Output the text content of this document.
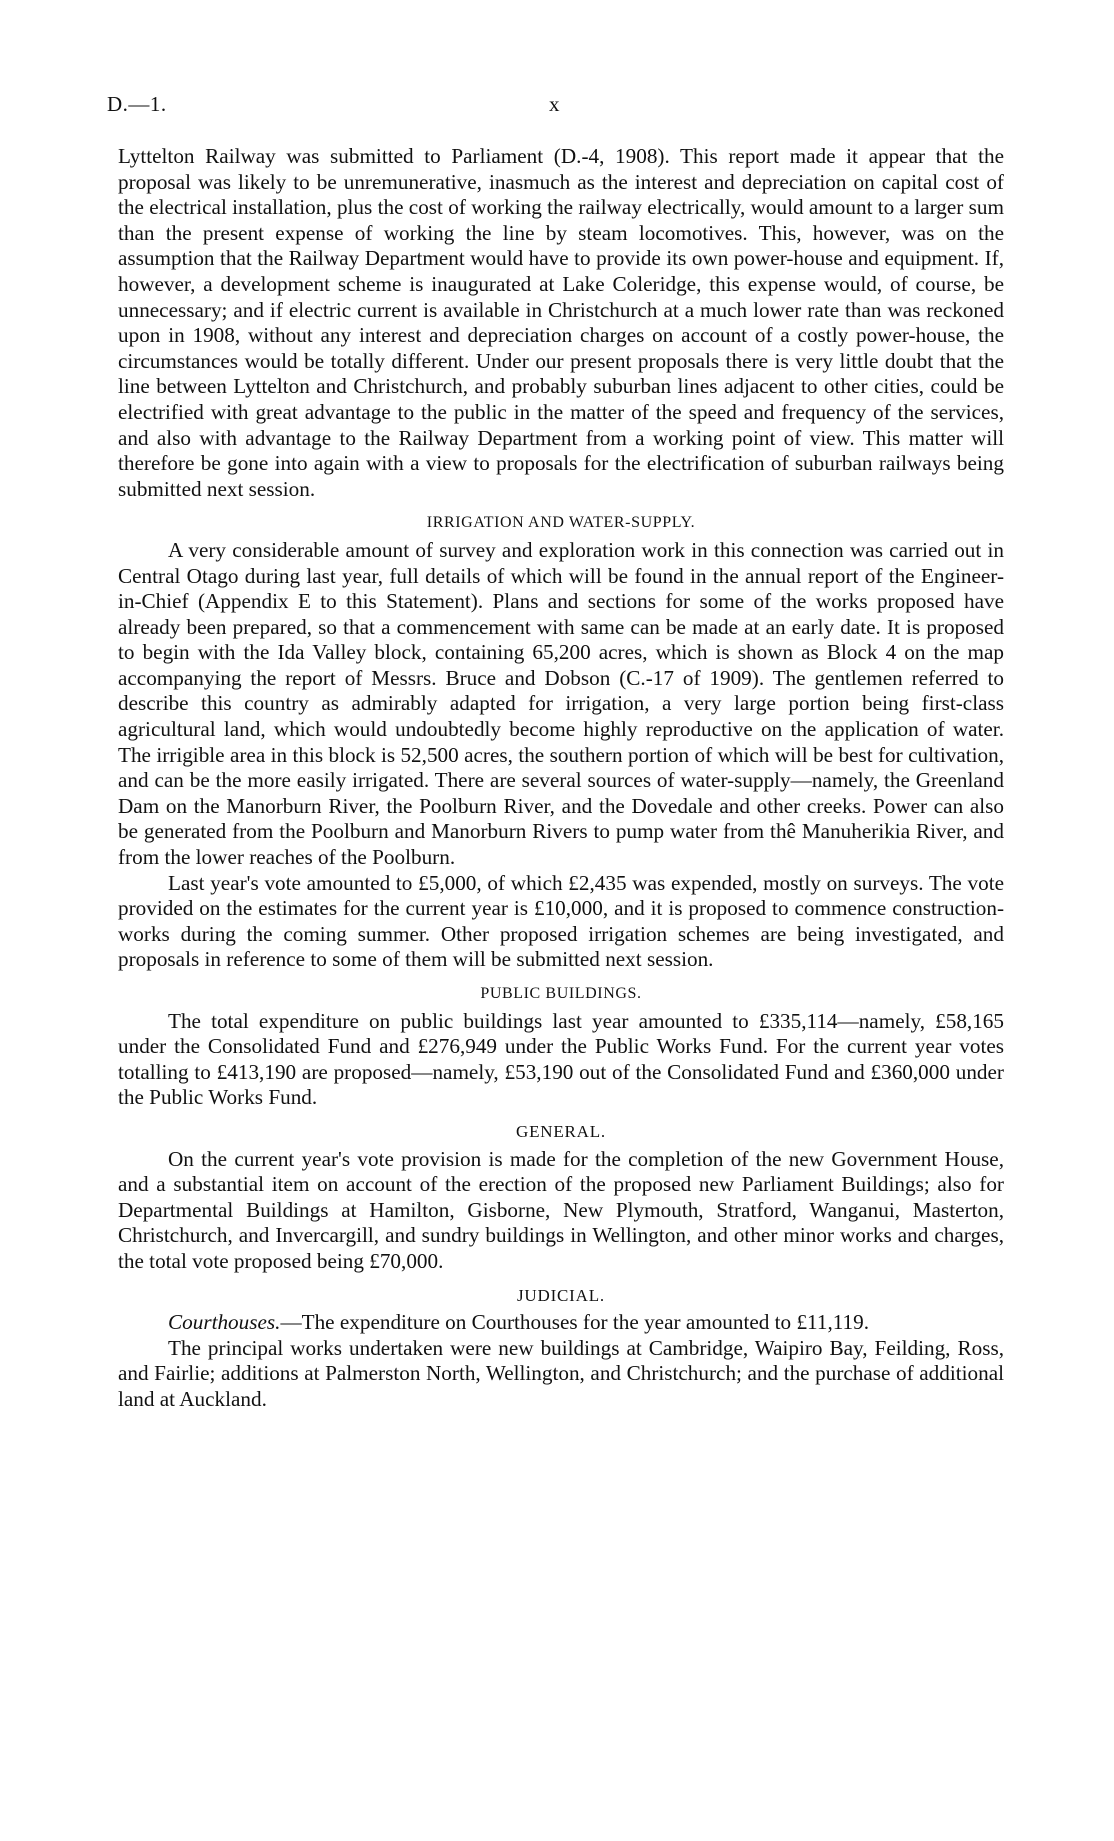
D.—1.	x

Lyttelton Railway was submitted to Parliament (D.-4, 1908). This report made it appear that the proposal was likely to be unremunerative, inasmuch as the interest and depreciation on capital cost of the electrical installation, plus the cost of working the railway electrically, would amount to a larger sum than the present expense of working the line by steam locomotives. This, however, was on the assumption that the Railway Department would have to provide its own power-house and equipment. If, however, a development scheme is inaugurated at Lake Coleridge, this expense would, of course, be unnecessary; and if electric current is available in Christchurch at a much lower rate than was reckoned upon in 1908, without any interest and depreciation charges on account of a costly power-house, the circumstances would be totally different. Under our present proposals there is very little doubt that the line between Lyttelton and Christchurch, and probably suburban lines adjacent to other cities, could be electrified with great advantage to the public in the matter of the speed and frequency of the services, and also with advantage to the Railway Department from a working point of view. This matter will therefore be gone into again with a view to proposals for the electrification of suburban railways being submitted next session.

IRRIGATION AND WATER-SUPPLY.

A very considerable amount of survey and exploration work in this connection was carried out in Central Otago during last year, full details of which will be found in the annual report of the Engineer-in-Chief (Appendix E to this Statement). Plans and sections for some of the works proposed have already been prepared, so that a commencement with same can be made at an early date. It is proposed to begin with the Ida Valley block, containing 65,200 acres, which is shown as Block 4 on the map accompanying the report of Messrs. Bruce and Dobson (C.-17 of 1909). The gentlemen referred to describe this country as admirably adapted for irrigation, a very large portion being first-class agricultural land, which would undoubtedly become highly reproductive on the application of water. The irrigible area in this block is 52,500 acres, the southern portion of which will be best for cultivation, and can be the more easily irrigated. There are several sources of water-supply—namely, the Greenland Dam on the Manorburn River, the Poolburn River, and the Dovedale and other creeks. Power can also be generated from the Poolburn and Manorburn Rivers to pump water from thê Manuherikia River, and from the lower reaches of the Poolburn.

Last year's vote amounted to £5,000, of which £2,435 was expended, mostly on surveys. The vote provided on the estimates for the current year is £10,000, and it is proposed to commence construction-works during the coming summer. Other proposed irrigation schemes are being investigated, and proposals in reference to some of them will be submitted next session.

PUBLIC BUILDINGS.

The total expenditure on public buildings last year amounted to £335,114—namely, £58,165 under the Consolidated Fund and £276,949 under the Public Works Fund. For the current year votes totalling to £413,190 are proposed—namely, £53,190 out of the Consolidated Fund and £360,000 under the Public Works Fund.

GENERAL.

On the current year's vote provision is made for the completion of the new Government House, and a substantial item on account of the erection of the proposed new Parliament Buildings; also for Departmental Buildings at Hamilton, Gisborne, New Plymouth, Stratford, Wanganui, Masterton, Christchurch, and Invercargill, and sundry buildings in Wellington, and other minor works and charges, the total vote proposed being £70,000.

JUDICIAL.

Courthouses.—The expenditure on Courthouses for the year amounted to £11,119.

The principal works undertaken were new buildings at Cambridge, Waipiro Bay, Feilding, Ross, and Fairlie; additions at Palmerston North, Wellington, and Christchurch; and the purchase of additional land at Auckland.
